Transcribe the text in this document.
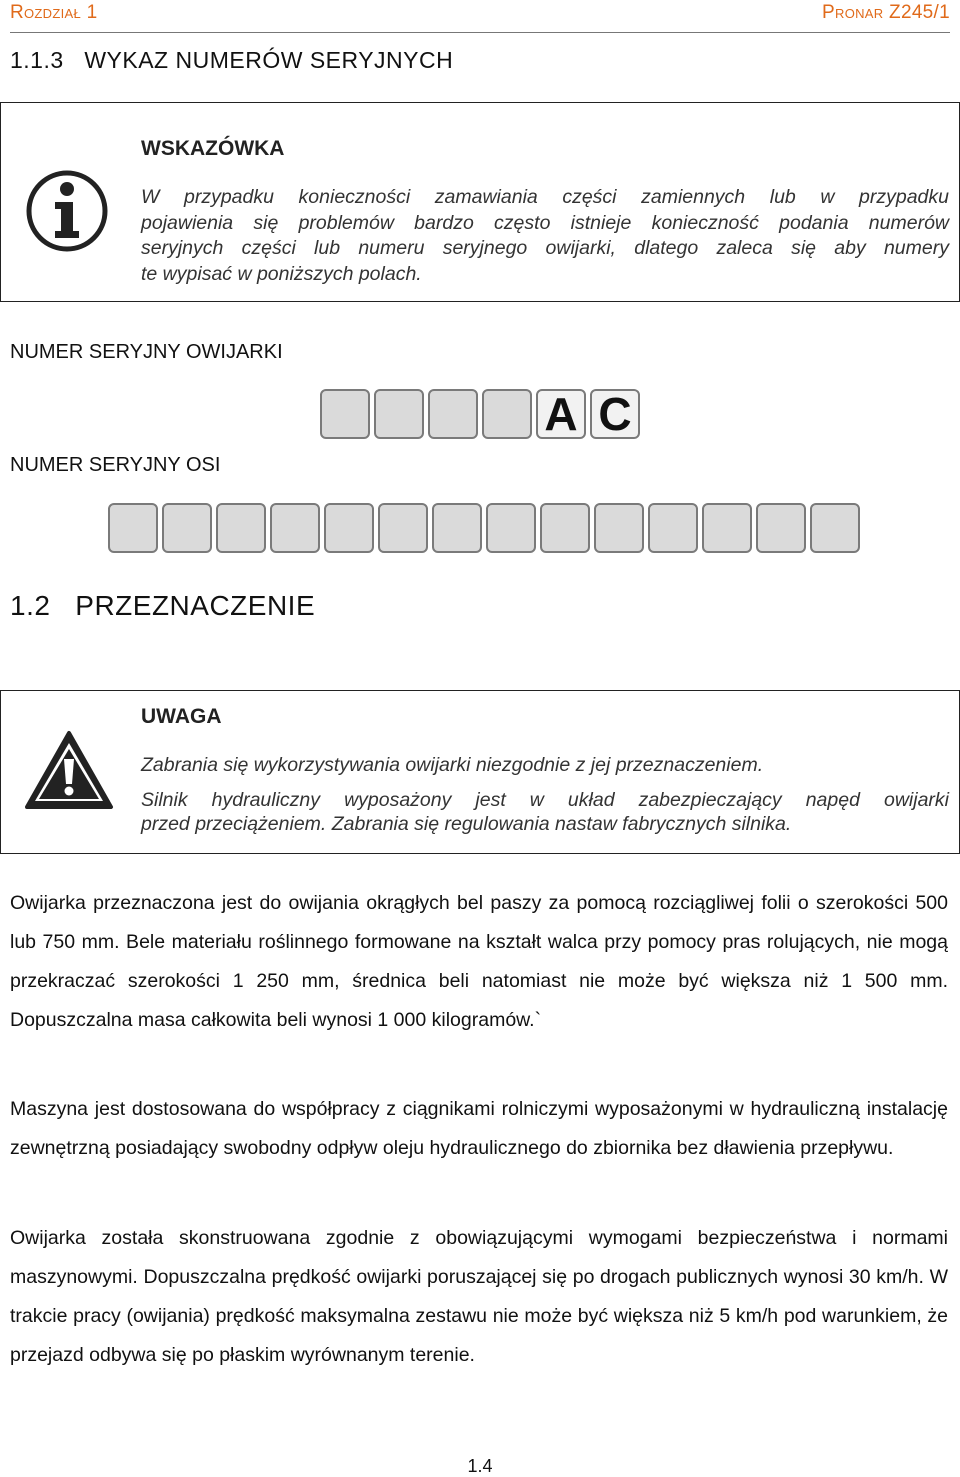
Rozdział 1	Pronar Z245/1
1.1.3   WYKAZ NUMERÓW SERYJNYCH
WSKAZÓWKA
W przypadku konieczności zamawiania części zamiennych lub w przypadku
pojawienia się problemów bardzo często istnieje konieczność podania numerów
seryjnych części lub numeru seryjnego owijarki, dlatego zaleca się aby numery
te wypisać w poniższych polach.
NUMER SERYJNY OWIJARKI
A C
NUMER SERYJNY OSI
1.2   PRZEZNACZENIE
UWAGA
Zabrania się wykorzystywania owijarki niezgodnie z jej przeznaczeniem.
Silnik hydrauliczny wyposażony jest w układ zabezpieczający napęd owijarki
przed przeciążeniem. Zabrania się regulowania nastaw fabrycznych silnika.
Owijarka przeznaczona jest do owijania okrągłych bel paszy za pomocą rozciągliwej folii o szerokości 500 lub 750 mm. Bele materiału roślinnego formowane na kształt walca przy pomocy pras rolujących, nie mogą przekraczać szerokości 1 250 mm, średnica beli natomiast nie może być większa niż 1 500 mm. Dopuszczalna masa całkowita beli wynosi 1 000 kilogramów.`
Maszyna jest dostosowana do współpracy z ciągnikami rolniczymi wyposażonymi w hydrauliczną instalację zewnętrzną posiadający swobodny odpływ oleju hydraulicznego do zbiornika bez dławienia przepływu.
Owijarka została skonstruowana zgodnie z obowiązującymi wymogami bezpieczeństwa i normami maszynowymi. Dopuszczalna prędkość owijarki poruszającej się po drogach publicznych wynosi 30 km/h. W trakcie pracy (owijania) prędkość maksymalna zestawu nie może być większa niż 5 km/h pod warunkiem, że przejazd odbywa się po płaskim wyrównanym terenie.
1.4
